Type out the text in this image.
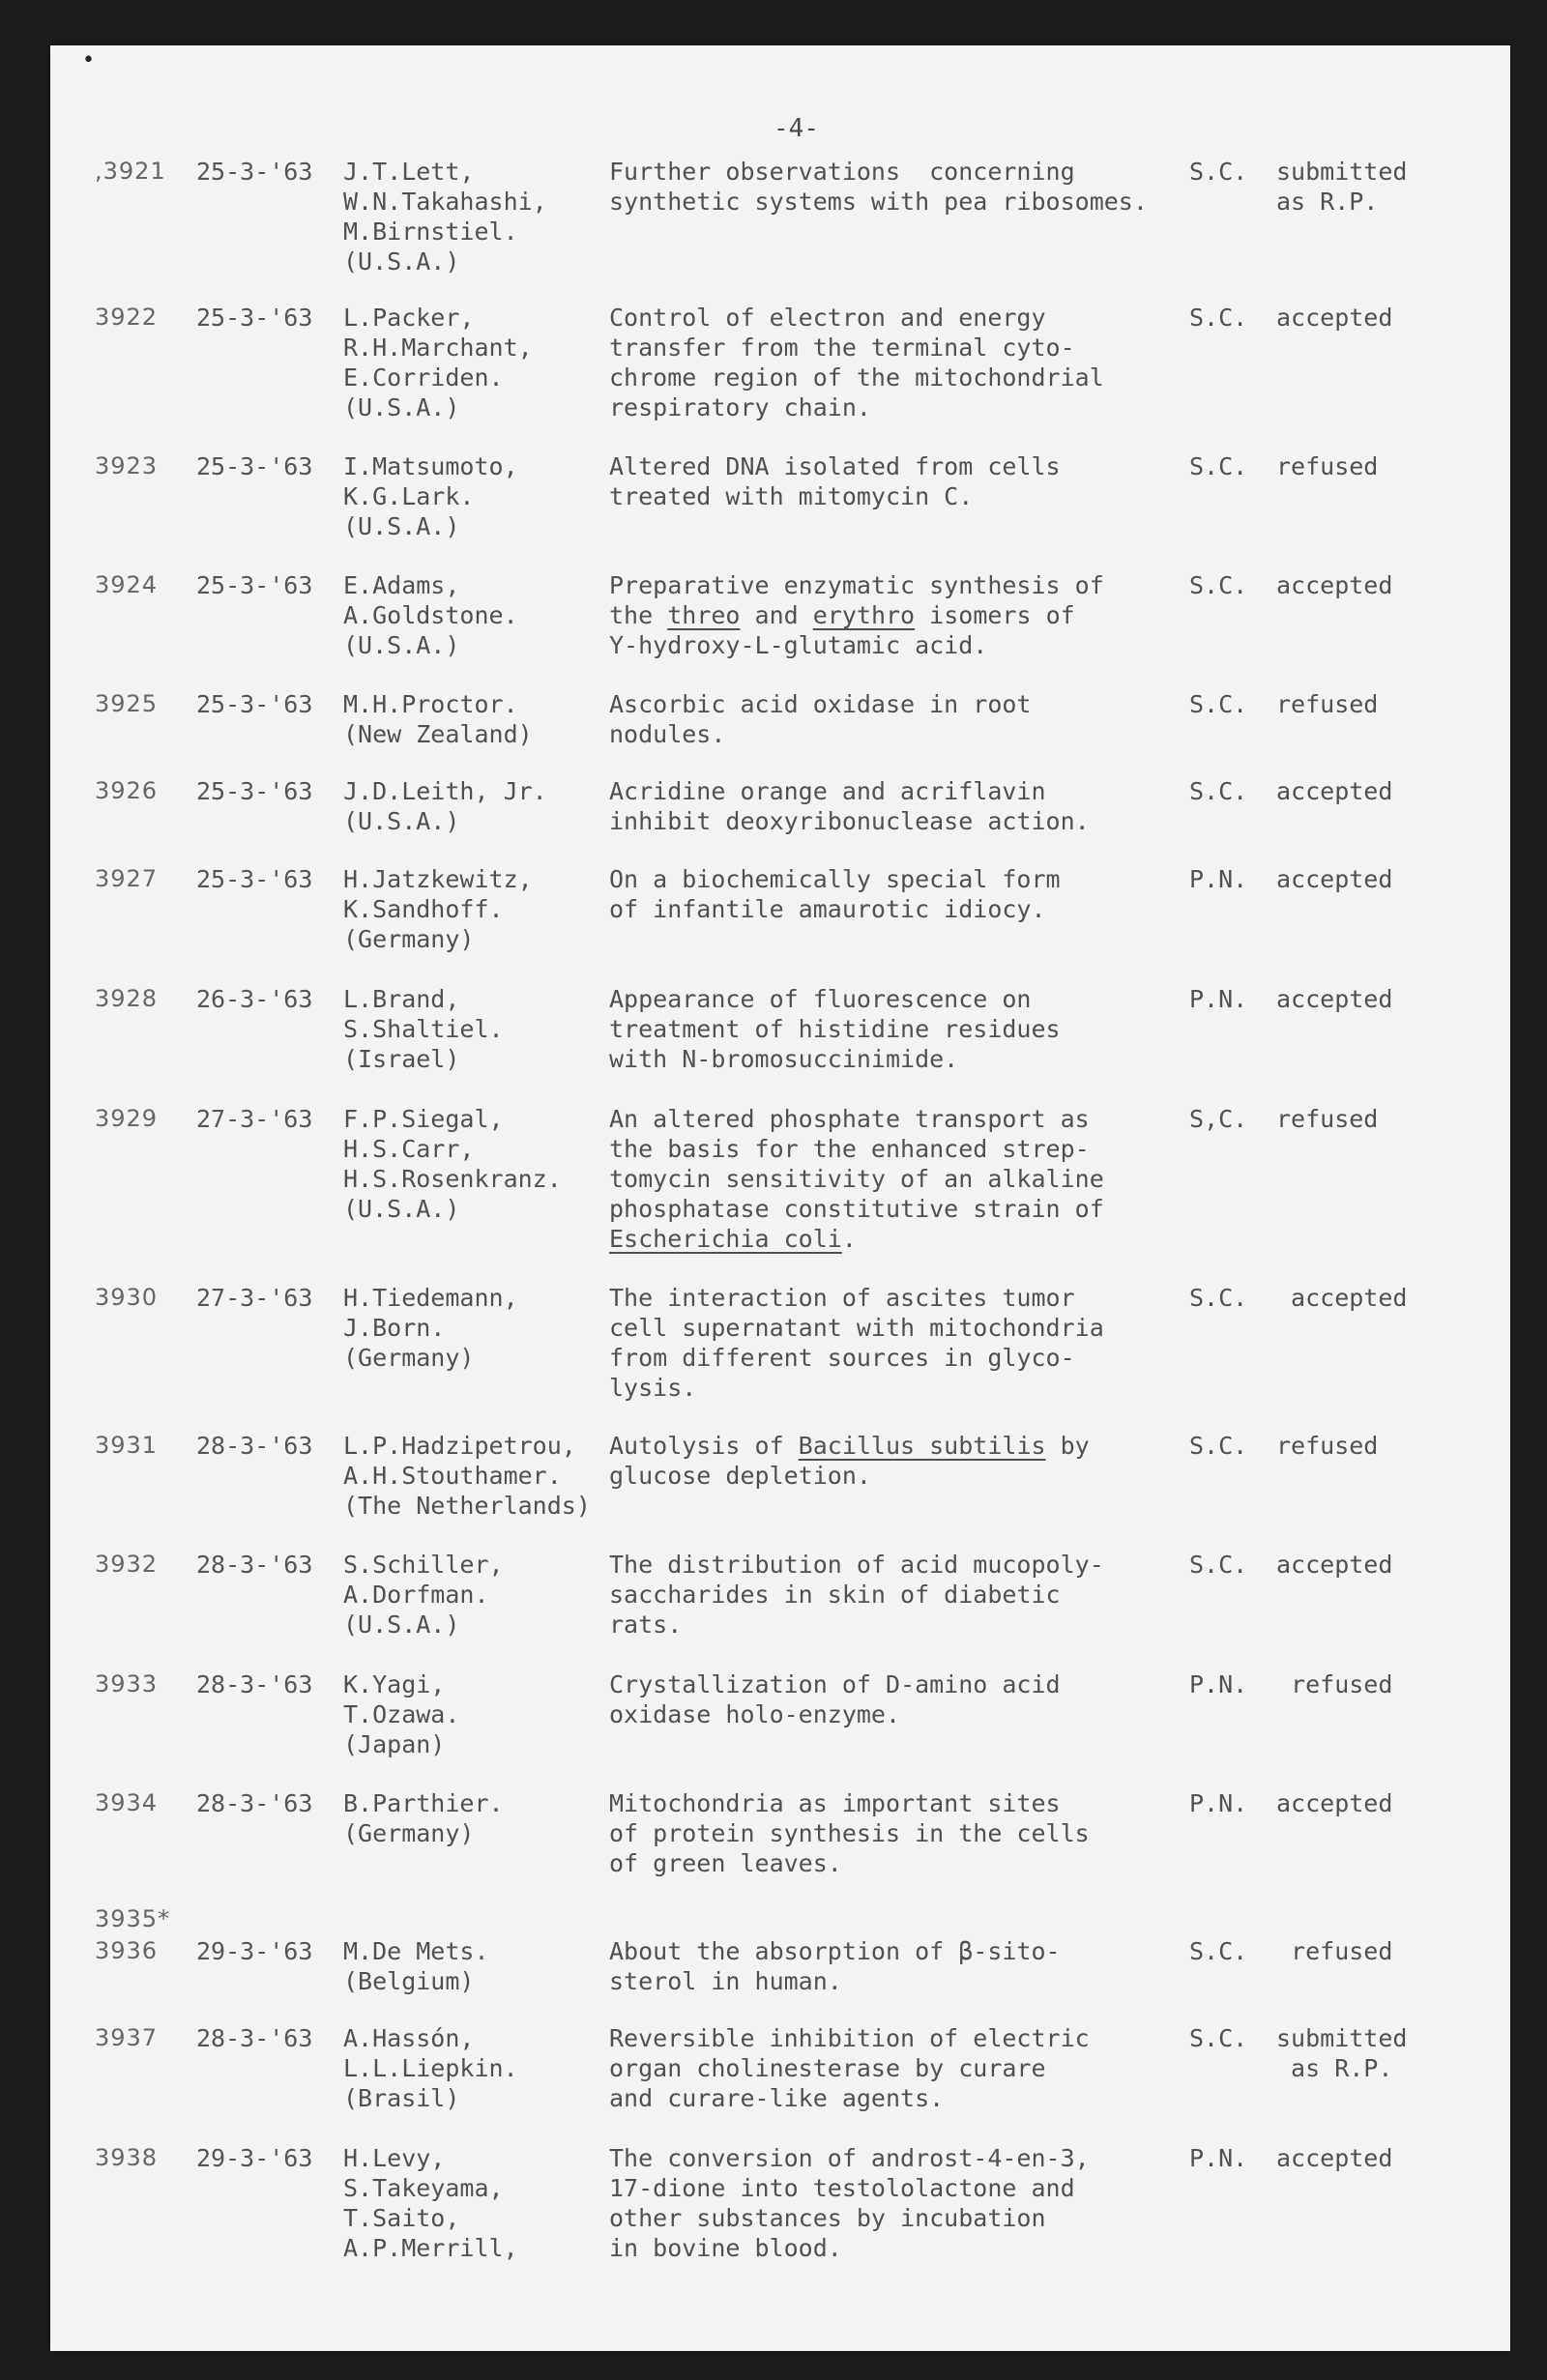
•
-4-
,3921 25-3-'63 J.T.Lett,
W.N.Takahashi,
M.Birnstiel.
(U.S.A.)
Further observations  concerning
synthetic systems with pea ribosomes.
S.C. submitted
as R.P.
3922 25-3-'63 L.Packer,
R.H.Marchant,
E.Corriden.
(U.S.A.)
Control of electron and energy
transfer from the terminal cyto-
chrome region of the mitochondrial
respiratory chain.
S.C. accepted
3923 25-3-'63 I.Matsumoto,
K.G.Lark.
(U.S.A.)
Altered DNA isolated from cells
treated with mitomycin C.
S.C. refused
3924 25-3-'63 E.Adams,
A.Goldstone.
(U.S.A.)
Preparative enzymatic synthesis of
the threo and erythro isomers of
Y-hydroxy-L-glutamic acid.
S.C. accepted
3925 25-3-'63 M.H.Proctor.
(New Zealand)
Ascorbic acid oxidase in root
nodules.
S.C. refused
3926 25-3-'63 J.D.Leith, Jr.
(U.S.A.)
Acridine orange and acriflavin
inhibit deoxyribonuclease action.
S.C. accepted
3927 25-3-'63 H.Jatzkewitz,
K.Sandhoff.
(Germany)
On a biochemically special form
of infantile amaurotic idiocy.
P.N. accepted
3928 26-3-'63 L.Brand,
S.Shaltiel.
(Israel)
Appearance of fluorescence on
treatment of histidine residues
with N-bromosuccinimide.
P.N. accepted
3929 27-3-'63 F.P.Siegal,
H.S.Carr,
H.S.Rosenkranz.
(U.S.A.)
An altered phosphate transport as
the basis for the enhanced strep-
tomycin sensitivity of an alkaline
phosphatase constitutive strain of
Escherichia coli.
S,C. refused
3930 27-3-'63 H.Tiedemann,
J.Born.
(Germany)
The interaction of ascites tumor
cell supernatant with mitochondria
from different sources in glyco-
lysis.
S.C. accepted
3931 28-3-'63 L.P.Hadzipetrou,
A.H.Stouthamer.
(The Netherlands)
Autolysis of Bacillus subtilis by
glucose depletion.
S.C. refused
3932 28-3-'63 S.Schiller,
A.Dorfman.
(U.S.A.)
The distribution of acid mucopoly-
saccharides in skin of diabetic
rats.
S.C. accepted
3933 28-3-'63 K.Yagi,
T.Ozawa.
(Japan)
Crystallization of D-amino acid
oxidase holo-enzyme.
P.N. refused
3934 28-3-'63 B.Parthier.
(Germany)
Mitochondria as important sites
of protein synthesis in the cells
of green leaves.
P.N. accepted
3935*
3936 29-3-'63 M.De Mets.
(Belgium)
About the absorption of β-sito-
sterol in human.
S.C. refused
3937 28-3-'63 A.Hassón,
L.L.Liepkin.
(Brasil)
Reversible inhibition of electric
organ cholinesterase by curare
and curare-like agents.
S.C. submitted
as R.P.
3938 29-3-'63 H.Levy,
S.Takeyama,
T.Saito,
A.P.Merrill,
The conversion of androst-4-en-3,
17-dione into testololactone and
other substances by incubation
in bovine blood.
P.N. accepted
